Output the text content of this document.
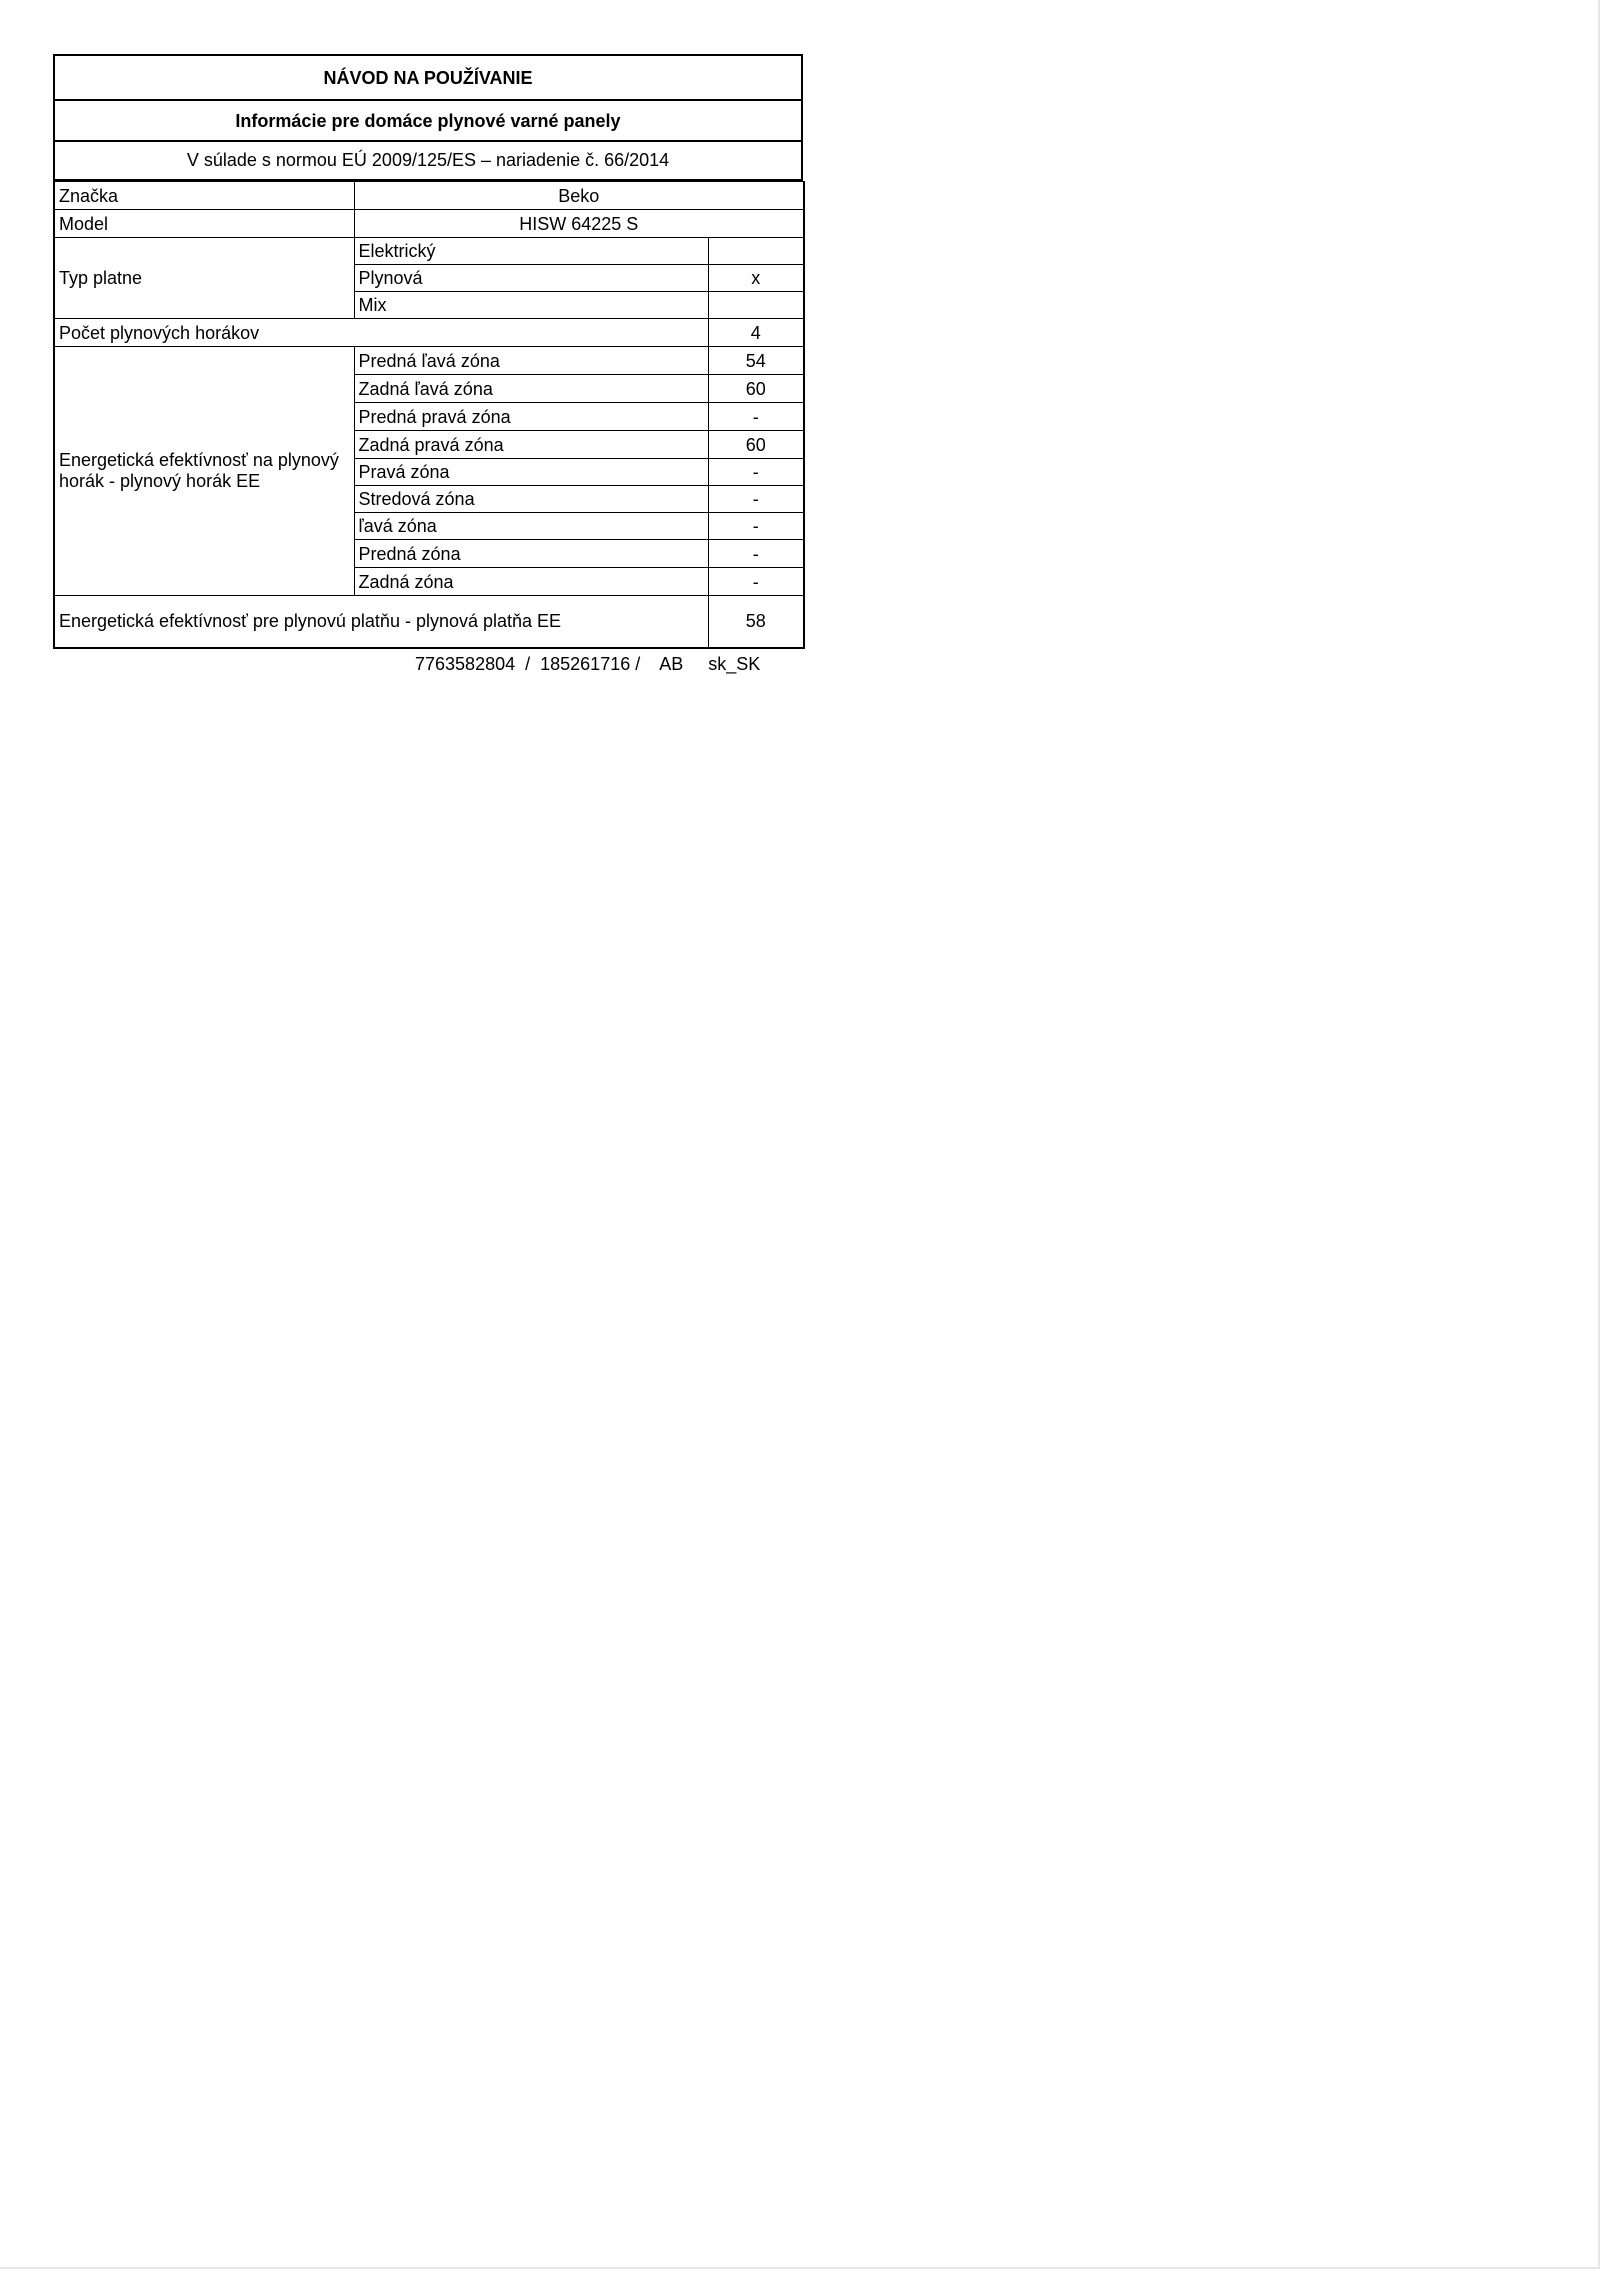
NÁVOD NA POUŽÍVANIE
Informácie pre domáce plynové varné panely
V súlade s normou EÚ 2009/125/ES – nariadenie č. 66/2014
Značka	Beko	
Model	HISW 64225 S	
Typ platne	Elektrický	
	Plynová	x
	Mix	
Počet plynových horákov		4
Energetická efektívnosť na plynový horák - plynový horák EE	Predná ľavá zóna	54
	Zadná ľavá zóna	60
	Predná pravá zóna	-
	Zadná pravá zóna	60
	Pravá zóna	-
	Stredová zóna	-
	ľavá zóna	-
	Predná zóna	-
	Zadná zóna	-
Energetická efektívnosť pre plynovú platňu - plynová platňa EE		58
7763582804  /  185261716 /    AB sk_SK
